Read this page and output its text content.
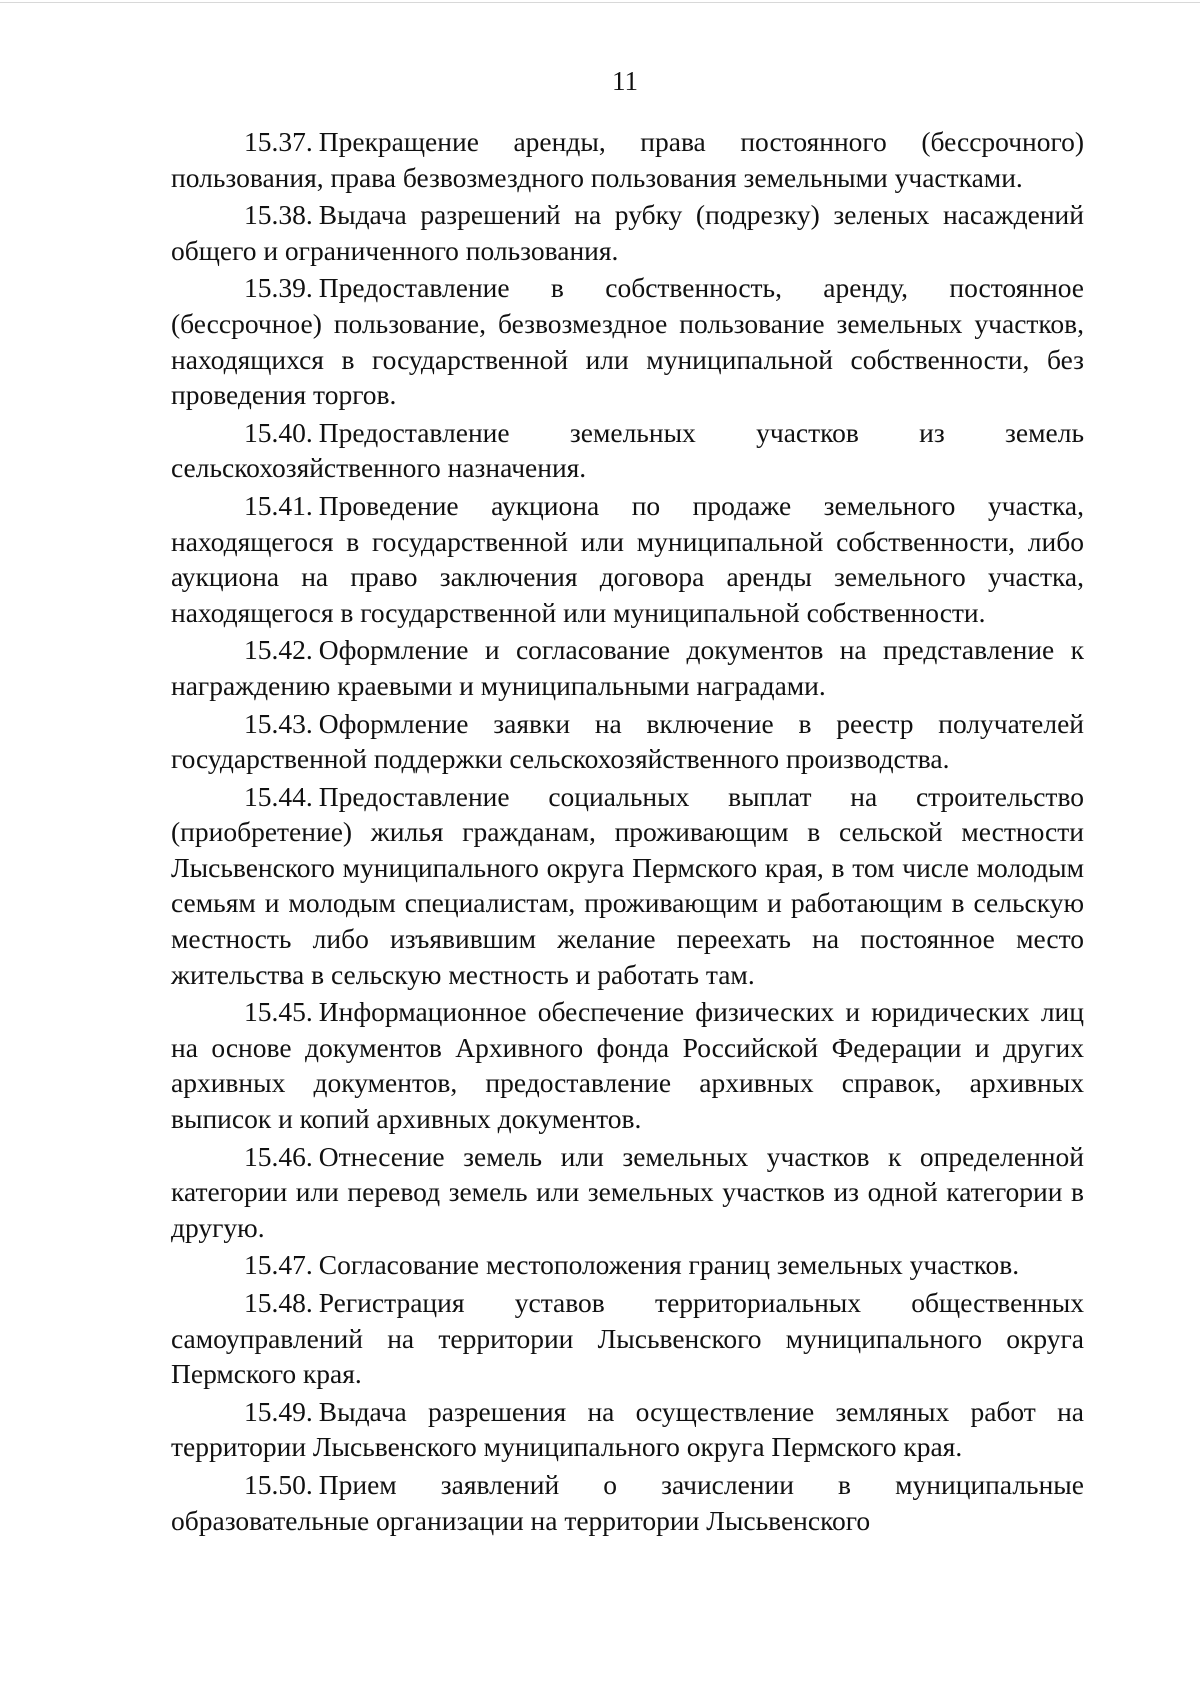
11

15.37. Прекращение аренды, права постоянного (бессрочного) пользования, права безвозмездного пользования земельными участками.

15.38. Выдача разрешений на рубку (подрезку) зеленых насаждений общего и ограниченного пользования.

15.39. Предоставление в собственность, аренду, постоянное (бессрочное) пользование, безвозмездное пользование земельных участков, находящихся в государственной или муниципальной собственности, без проведения торгов.

15.40. Предоставление земельных участков из земель сельскохозяйственного назначения.

15.41. Проведение аукциона по продаже земельного участка, находящегося в государственной или муниципальной собственности, либо аукциона на право заключения договора аренды земельного участка, находящегося в государственной или муниципальной собственности.

15.42. Оформление и согласование документов на представление к награждению краевыми и муниципальными наградами.

15.43. Оформление заявки на включение в реестр получателей государственной поддержки сельскохозяйственного производства.

15.44. Предоставление социальных выплат на строительство (приобретение) жилья гражданам, проживающим в сельской местности Лысьвенского муниципального округа Пермского края, в том числе молодым семьям и молодым специалистам, проживающим и работающим в сельскую местность либо изъявившим желание переехать на постоянное место жительства в сельскую местность и работать там.

15.45. Информационное обеспечение физических и юридических лиц на основе документов Архивного фонда Российской Федерации и других архивных документов, предоставление архивных справок, архивных выписок и копий архивных документов.

15.46. Отнесение земель или земельных участков к определенной категории или перевод земель или земельных участков из одной категории в другую.

15.47. Согласование местоположения границ земельных участков.

15.48. Регистрация уставов территориальных общественных самоуправлений на территории Лысьвенского муниципального округа Пермского края.

15.49. Выдача разрешения на осуществление земляных работ на территории Лысьвенского муниципального округа Пермского края.

15.50. Прием заявлений о зачислении в муниципальные образовательные организации на территории Лысьвенского
